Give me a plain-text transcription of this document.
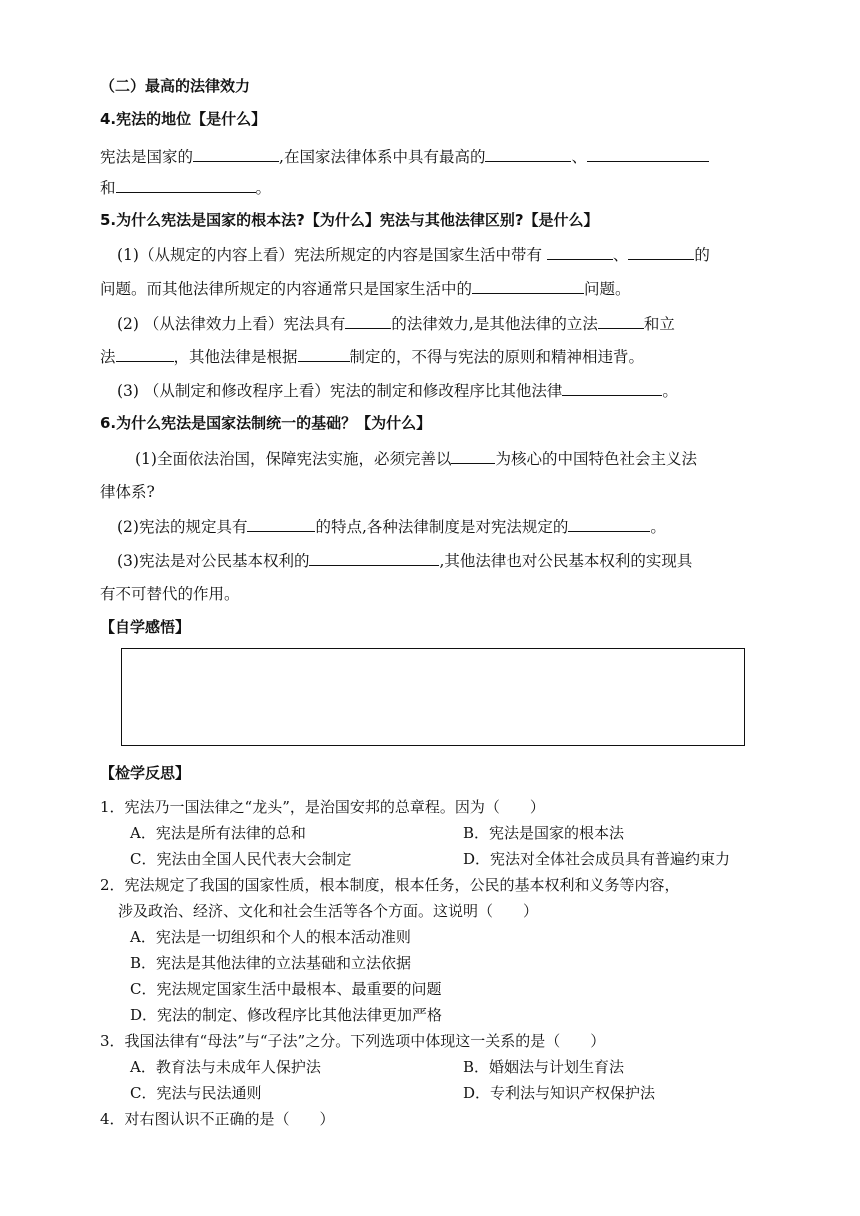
（二）最高的法律效力
4.宪法的地位【是什么】
宪法是国家的	,在国家法律体系中具有最高的	、
和	。
5.为什么宪法是国家的根本法?【为什么】宪法与其他法律区别?【是什么】
(1)（从规定的内容上看）宪法所规定的内容是国家生活中带有	、	的
问题。而其他法律所规定的内容通常只是国家生活中的	问题。
(2) （从法律效力上看）宪法具有	的法律效力,是其他法律的立法	和立
法	，其他法律是根据	制定的，不得与宪法的原则和精神相违背。
(3) （从制定和修改程序上看）宪法的制定和修改程序比其他法律	。
6.为什么宪法是国家法制统一的基础？【为什么】
(1)全面依法治国，保障宪法实施，必须完善以	为核心的中国特色社会主义法
律体系?
(2)宪法的规定具有	的特点,各种法律制度是对宪法规定的	。
(3)宪法是对公民基本权利的	,其他法律也对公民基本权利的实现具
有不可替代的作用。
【自学感悟】
【检学反思】
1．宪法乃一国法律之“龙头”，是治国安邦的总章程。因为（　　）
A．宪法是所有法律的总和	B．宪法是国家的根本法
C．宪法由全国人民代表大会制定	D．宪法对全体社会成员具有普遍约束力
2．宪法规定了我国的国家性质，根本制度，根本任务，公民的基本权利和义务等内容，
涉及政治、经济、文化和社会生活等各个方面。这说明（　　）
A．宪法是一切组织和个人的根本活动准则
B．宪法是其他法律的立法基础和立法依据
C．宪法规定国家生活中最根本、最重要的问题
D．宪法的制定、修改程序比其他法律更加严格
3．我国法律有“母法”与“子法”之分。下列选项中体现这一关系的是（　　）
A．教育法与未成年人保护法	B．婚姻法与计划生育法
C．宪法与民法通则	D．专利法与知识产权保护法
4．对右图认识不正确的是（　　）
